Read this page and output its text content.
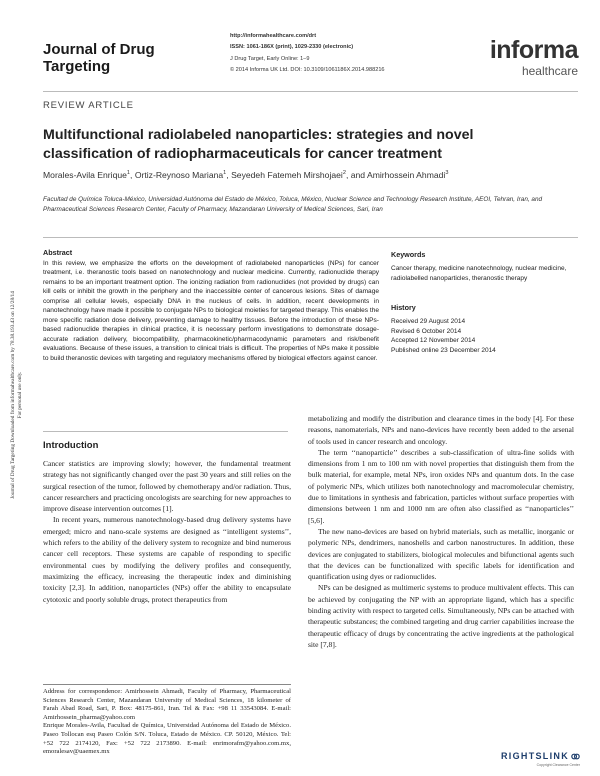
Journal of Drug Targeting
http://informahealthcare.com/drt
ISSN: 1061-186X (print), 1029-2330 (electronic)
J Drug Target, Early Online: 1–9
© 2014 Informa UK Ltd. DOI: 10.3109/1061186X.2014.988216
informa
healthcare
REVIEW ARTICLE
Multifunctional radiolabeled nanoparticles: strategies and novel classification of radiopharmaceuticals for cancer treatment
Morales-Avila Enrique$^1$, Ortiz-Reynoso Mariana$^1$, Seyedeh Fatemeh Mirshojaei$^2$, and Amirhossein Ahmadi$^3$
Facultad de Química Toluca-México, Universidad Autónoma del Estado de México, Toluca, México, Nuclear Science and Technology Research Institute, AEOI, Tehran, Iran, and Pharmaceutical Sciences Research Center, Faculty of Pharmacy, Mazandaran University of Medical Sciences, Sari, Iran
Abstract
In this review, we emphasize the efforts on the development of radiolabeled nanoparticles (NPs) for cancer treatment, i.e. theranostic tools based on nanotechnology and nuclear medicine. Currently, radionuclide therapy remains to be an important treatment option. The ionizing radiation from radionuclides (not provided by drugs) can kill cells or inhibit the growth in the periphery and the inaccessible center of cancerous lesions. Sites of damage comprise all cellular levels, especially DNA in the nucleus of cells. In addition, recent developments in nanotechnology have made it possible to conjugate NPs to biological moieties for targeted therapy. This enables the more specific radiation dose delivery, preventing damage to healthy tissues. Before the introduction of these NPs-based radionuclide therapies in clinical practice, it is necessary perform investigations to demonstrate dosage-accurate radiation delivery, biocompatibility, pharmacokinetic/pharmacodynamic parameters and risk/benefit evaluations. Because of these issues, a transition to clinical trials is difficult. The properties of NPs make it possible to build theranostic devices with targeting and regulatory mechanisms offered by biological effectors against cancer.
Keywords
Cancer therapy, medicine nanotechnology, nuclear medicine, radiolabelled nanoparticles, theranostic therapy
History
Received 29 August 2014
Revised 6 October 2014
Accepted 12 November 2014
Published online 23 December 2014
Introduction

Cancer statistics are improving slowly; however, the fundamental treatment strategy has not significantly changed over the past 30 years and still relies on the surgical resection of the tumor, followed by chemotherapy and/or radiation. Thus, cancer researchers and practicing oncologists are searching for new approaches to improve disease intervention outcomes [1].

In recent years, numerous nanotechnology-based drug delivery systems have emerged; micro and nano-scale systems are designed as ‘‘intelligent systems’’, which refers to the ability of the delivery system to recognize and bind numerous cancer cell receptors. These systems are capable of responding to specific environmental cues by modifying the delivery profiles and consequently, maximizing the efficacy, increasing the therapeutic index and diminishing toxicity [2,3]. In addition, nanoparticles (NPs) offer the ability to encapsulate cytotoxic and poorly soluble drugs, protect therapeutics from

metabolizing and modify the distribution and clearance times in the body [4]. For these reasons, nanomaterials, NPs and nano-devices have recently been added to the arsenal of tools used in cancer research and oncology.

The term ‘‘nanoparticle’’ describes a sub-classification of ultra-fine solids with dimensions from 1 nm to 100 nm with novel properties that distinguish them from the bulk material, for example, metal NPs, iron oxides NPs and quantum dots. In the case of polymeric NPs, which utilizes both nanotechnology and macromolecular chemistry, due to limitations in synthesis and fabrication, particles without surface properties with dimensions between 1 nm and 1000 nm are often also classified as ‘‘nanoparticles’’ [5,6].

The new nano-devices are based on hybrid materials, such as metallic, inorganic or polymeric NPs, dendrimers, nanoshells and carbon nanostructures. In addition, these devices are conjugated to stabilizers, biological molecules and bifunctional agents such that the devices can be functionalized with specific labels for identification and quantification using dyes or radionuclides.

NPs can be designed as multimeric systems to produce multivalent effects. This can be achieved by conjugating the NP with an appropriate ligand, which has a specific binding activity with respect to targeted cells. Simultaneously, NPs can be attached with therapeutic substances; the combined targeting and drug carrier capabilities increase the therapeutic efficacy of drugs by concentrating the active ingredients at the pathological site [7,8].

Address for correspondence: Amirhossein Ahmadi, Faculty of Pharmacy, Pharmaceutical Sciences Research Center, Mazandaran University of Medical Sciences, 18 kilometer of Farah Abad Road, Sari, P. Box: 48175-861, Iran. Tel & Fax: +98 11 33543084. E-mail: Amirhossein_pharma@yahoo.com
Enrique Morales-Avila, Facultad de Química, Universidad Autónoma del Estado de México. Paseo Tollocan esq Paseo Colón S/N. Toluca, Estado de México. CP. 50120, México. Tel: +52 722 2174120, Fax: +52 722 2173890. E-mail: enrimorafm@yahoo.com.mx, emoralesav@uaemex.mx
Journal of Drug Targeting Downloaded from informahealthcare.com by 78.38.193.43 on 12/28/14 For personal use only.
RIGHTSLINK
Copyright Clearance Center
